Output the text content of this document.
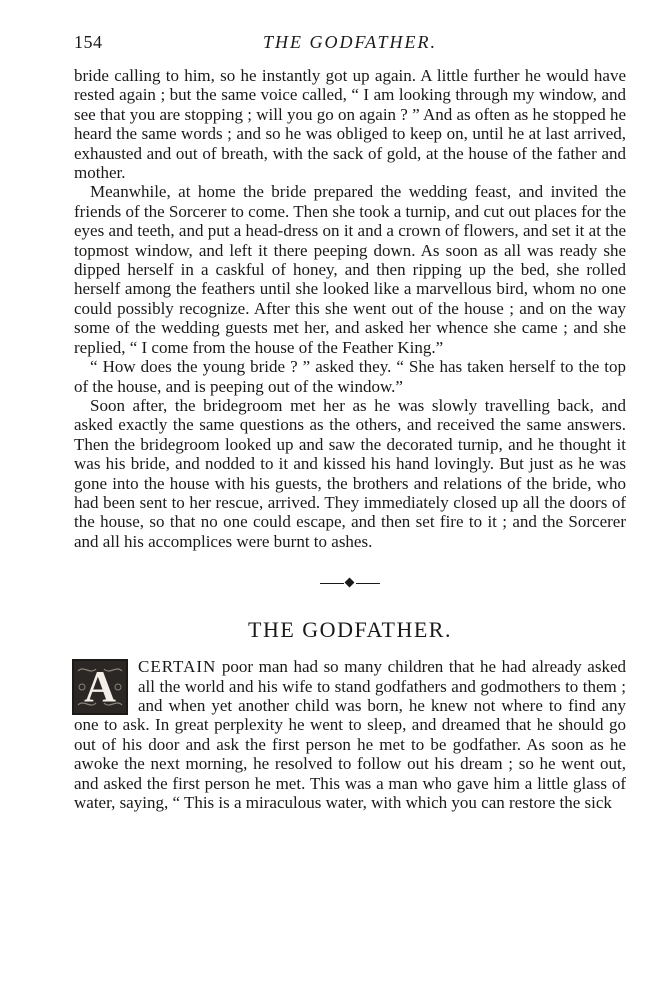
154	THE GODFATHER.

bride calling to him, so he instantly got up again. A little further he would have rested again ; but the same voice called, “ I am looking through my window, and see that you are stopping ; will you go on again ? ” And as often as he stopped he heard the same words ; and so he was obliged to keep on, until he at last arrived, exhausted and out of breath, with the sack of gold, at the house of the father and mother.

Meanwhile, at home the bride prepared the wedding feast, and invited the friends of the Sorcerer to come. Then she took a turnip, and cut out places for the eyes and teeth, and put a head-dress on it and a crown of flowers, and set it at the topmost window, and left it there peeping down. As soon as all was ready she dipped herself in a caskful of honey, and then ripping up the bed, she rolled herself among the feathers until she looked like a marvellous bird, whom no one could possibly recognize. After this she went out of the house ; and on the way some of the wedding guests met her, and asked her whence she came ; and she replied, “ I come from the house of the Feather King.”

“ How does the young bride ? ” asked they. “ She has taken herself to the top of the house, and is peeping out of the window.”

Soon after, the bridegroom met her as he was slowly travelling back, and asked exactly the same questions as the others, and received the same answers. Then the bridegroom looked up and saw the decorated turnip, and he thought it was his bride, and nodded to it and kissed his hand lovingly. But just as he was gone into the house with his guests, the brothers and relations of the bride, who had been sent to her rescue, arrived. They immediately closed up all the doors of the house, so that no one could escape, and then set fire to it ; and the Sorcerer and all his accomplices were burnt to ashes.

THE GODFATHER.

A	CERTAIN poor man had so many children that he had already asked all the world and his wife to stand godfathers and godmothers to them ; and when yet another child was born, he knew not where to find any one to ask. In great perplexity he went to sleep, and dreamed that he should go out of his door and ask the first person he met to be godfather. As soon as he awoke the next morning, he resolved to follow out his dream ; so he went out, and asked the first person he met. This was a man who gave him a little glass of water, saying, “ This is a miraculous water, with which you can restore the sick
